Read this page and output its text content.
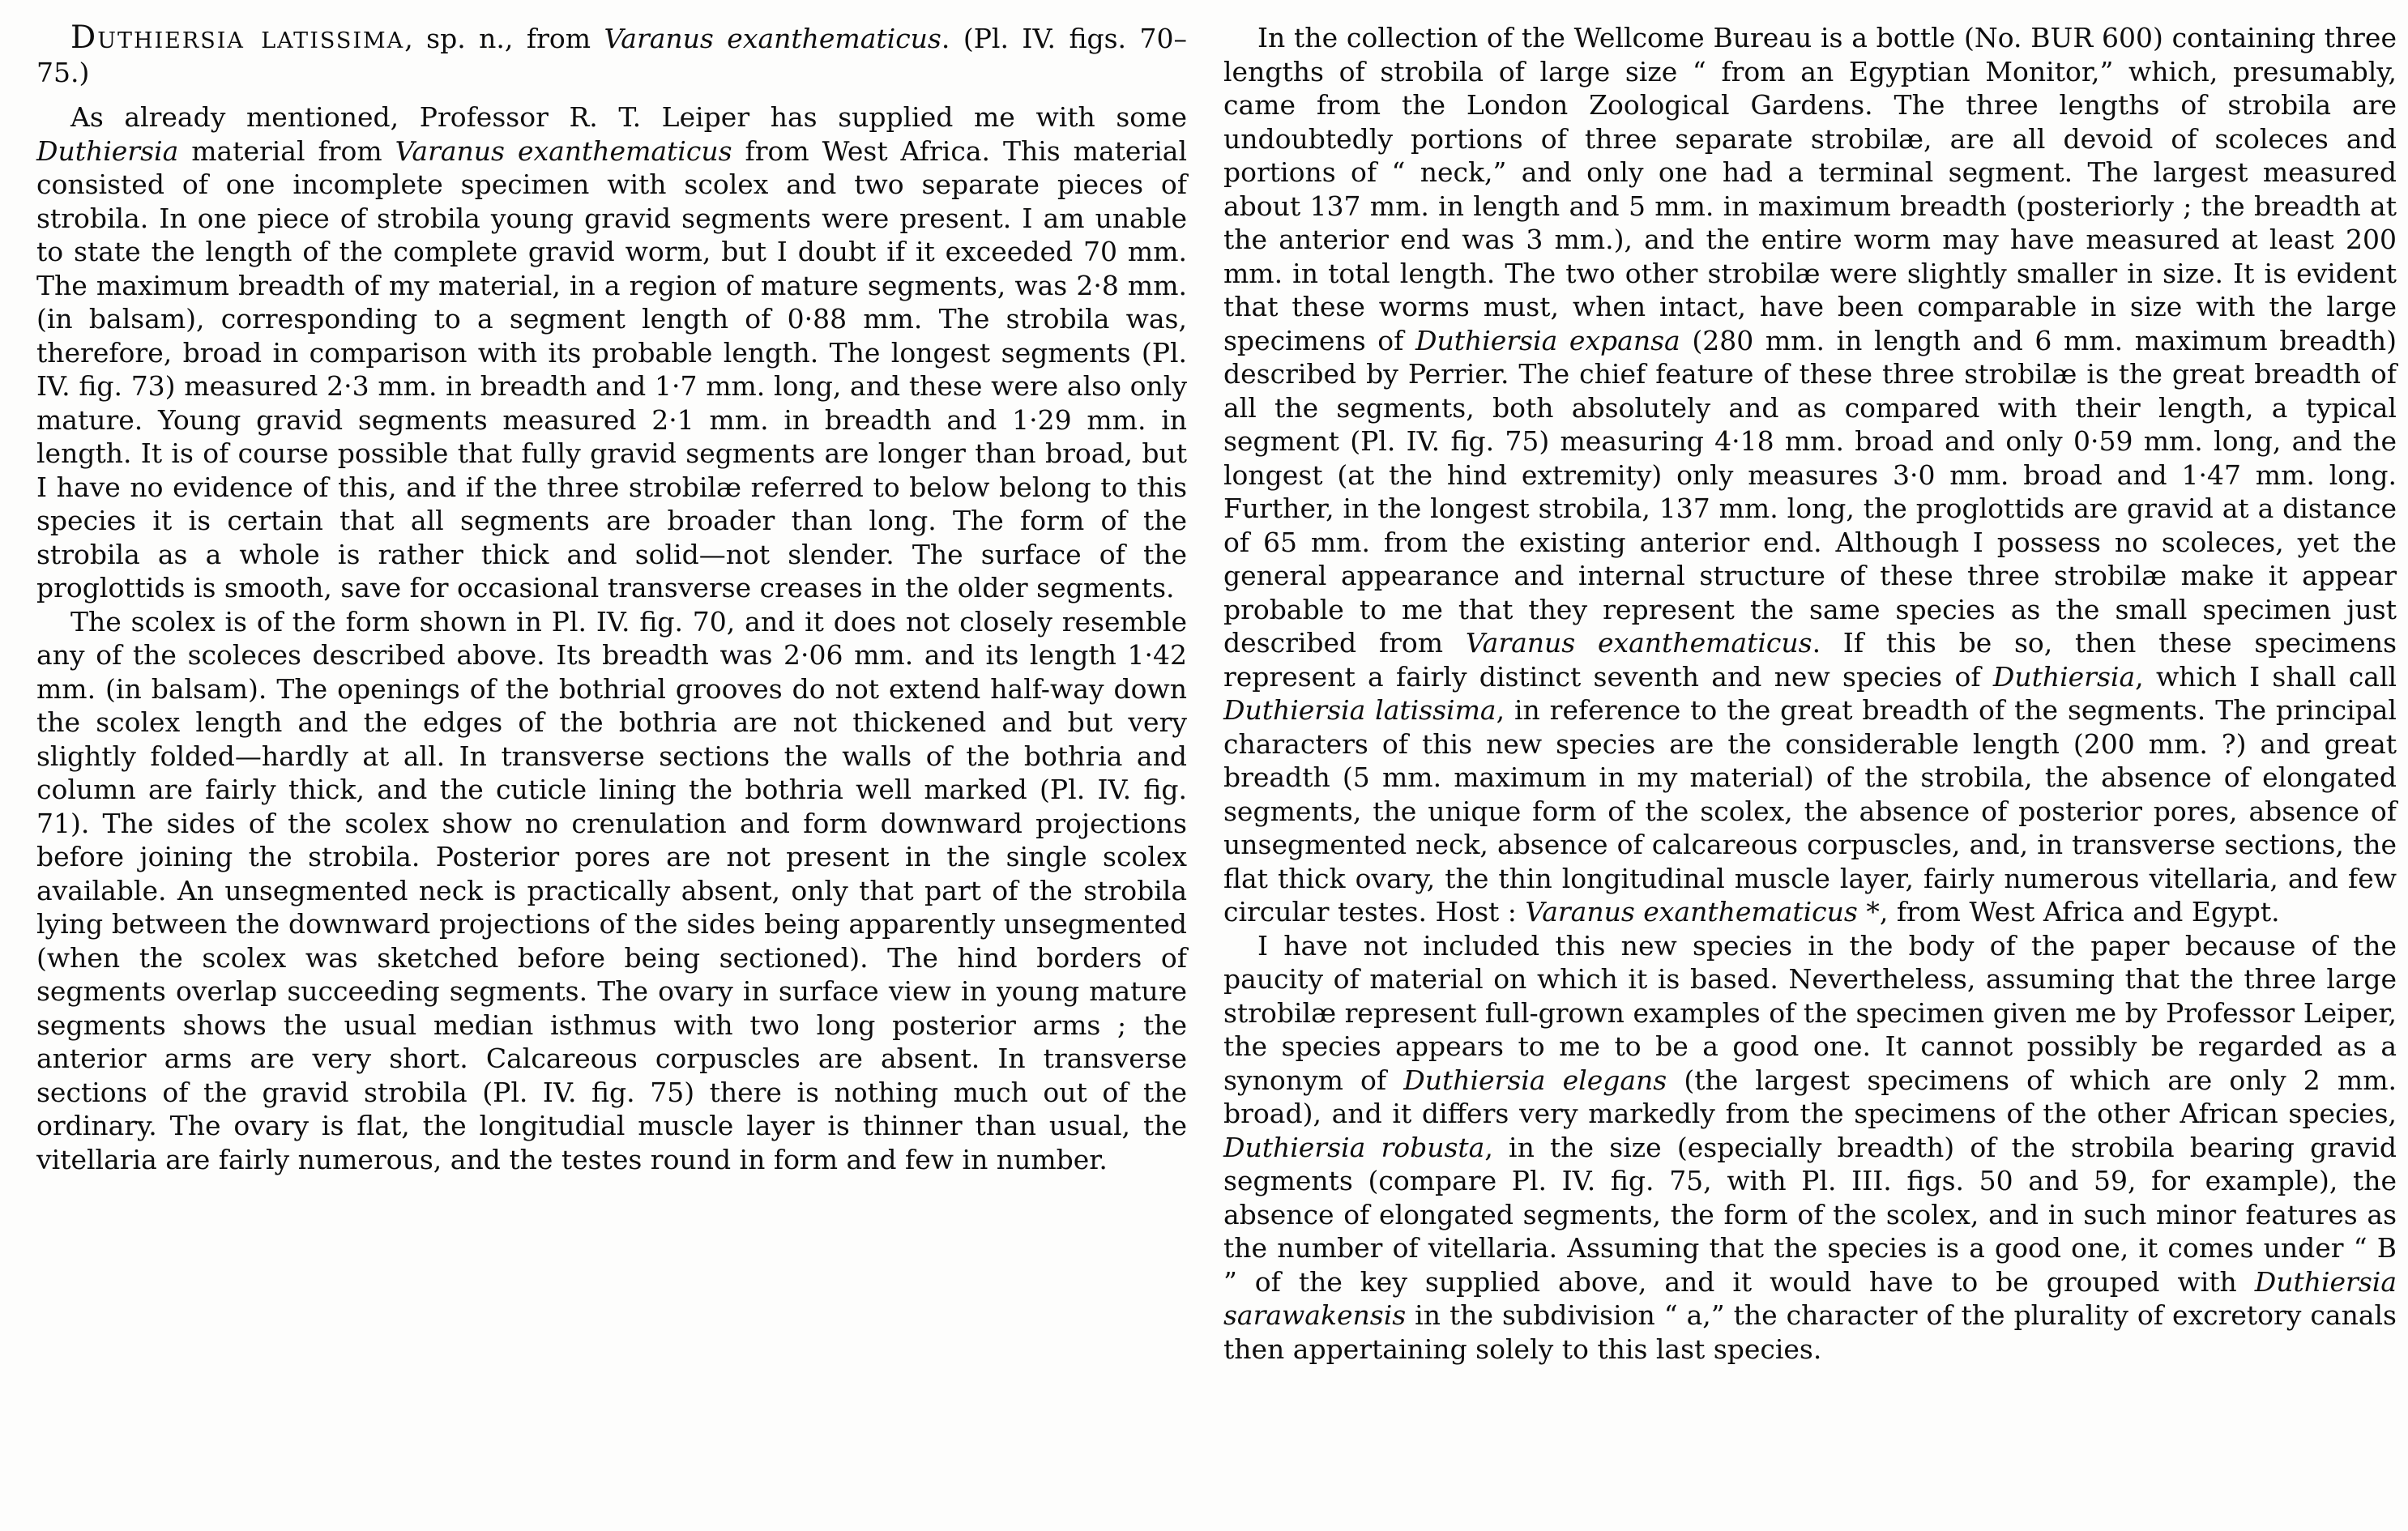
Duthiersia latissima, sp. n., from Varanus exanthematicus. (Pl. IV. figs. 70–75.)

As already mentioned, Professor R. T. Leiper has supplied me with some Duthiersia material from Varanus exanthematicus from West Africa. This material consisted of one incomplete specimen with scolex and two separate pieces of strobila. In one piece of strobila young gravid segments were present. I am unable to state the length of the complete gravid worm, but I doubt if it exceeded 70 mm. The maximum breadth of my material, in a region of mature segments, was 2·8 mm. (in balsam), corresponding to a segment length of 0·88 mm. The strobila was, therefore, broad in comparison with its probable length. The longest segments (Pl. IV. fig. 73) measured 2·3 mm. in breadth and 1·7 mm. long, and these were also only mature. Young gravid segments measured 2·1 mm. in breadth and 1·29 mm. in length. It is of course possible that fully gravid segments are longer than broad, but I have no evidence of this, and if the three strobilæ referred to below belong to this species it is certain that all segments are broader than long. The form of the strobila as a whole is rather thick and solid—not slender. The surface of the proglottids is smooth, save for occasional transverse creases in the older segments.

The scolex is of the form shown in Pl. IV. fig. 70, and it does not closely resemble any of the scoleces described above. Its breadth was 2·06 mm. and its length 1·42 mm. (in balsam). The openings of the bothrial grooves do not extend half-way down the scolex length and the edges of the bothria are not thickened and but very slightly folded—hardly at all. In transverse sections the walls of the bothria and column are fairly thick, and the cuticle lining the bothria well marked (Pl. IV. fig. 71). The sides of the scolex show no crenulation and form downward projections before joining the strobila. Posterior pores are not present in the single scolex available. An unsegmented neck is practically absent, only that part of the strobila lying between the downward projections of the sides being apparently unsegmented (when the scolex was sketched before being sectioned). The hind borders of segments overlap succeeding segments. The ovary in surface view in young mature segments shows the usual median isthmus with two long posterior arms ; the anterior arms are very short. Calcareous corpuscles are absent. In transverse sections of the gravid strobila (Pl. IV. fig. 75) there is nothing much out of the ordinary. The ovary is flat, the longitudial muscle layer is thinner than usual, the vitellaria are fairly numerous, and the testes round in form and few in number.

In the collection of the Wellcome Bureau is a bottle (No. BUR 600) containing three lengths of strobila of large size “ from an Egyptian Monitor,” which, presumably, came from the London Zoological Gardens. The three lengths of strobila are undoubtedly portions of three separate strobilæ, are all devoid of scoleces and portions of “ neck,” and only one had a terminal segment. The largest measured about 137 mm. in length and 5 mm. in maximum breadth (posteriorly ; the breadth at the anterior end was 3 mm.), and the entire worm may have measured at least 200 mm. in total length. The two other strobilæ were slightly smaller in size. It is evident that these worms must, when intact, have been comparable in size with the large specimens of Duthiersia expansa (280 mm. in length and 6 mm. maximum breadth) described by Perrier. The chief feature of these three strobilæ is the great breadth of all the segments, both absolutely and as compared with their length, a typical segment (Pl. IV. fig. 75) measuring 4·18 mm. broad and only 0·59 mm. long, and the longest (at the hind extremity) only measures 3·0 mm. broad and 1·47 mm. long. Further, in the longest strobila, 137 mm. long, the proglottids are gravid at a distance of 65 mm. from the existing anterior end. Although I possess no scoleces, yet the general appearance and internal structure of these three strobilæ make it appear probable to me that they represent the same species as the small specimen just described from Varanus exanthematicus. If this be so, then these specimens represent a fairly distinct seventh and new species of Duthiersia, which I shall call Duthiersia latissima, in reference to the great breadth of the segments. The principal characters of this new species are the considerable length (200 mm. ?) and great breadth (5 mm. maximum in my material) of the strobila, the absence of elongated segments, the unique form of the scolex, the absence of posterior pores, absence of unsegmented neck, absence of calcareous corpuscles, and, in transverse sections, the flat thick ovary, the thin longitudinal muscle layer, fairly numerous vitellaria, and few circular testes. Host : Varanus exanthematicus *, from West Africa and Egypt.

I have not included this new species in the body of the paper because of the paucity of material on which it is based. Nevertheless, assuming that the three large strobilæ represent full-grown examples of the specimen given me by Professor Leiper, the species appears to me to be a good one. It cannot possibly be regarded as a synonym of Duthiersia elegans (the largest specimens of which are only 2 mm. broad), and it differs very markedly from the specimens of the other African species, Duthiersia robusta, in the size (especially breadth) of the strobila bearing gravid segments (compare Pl. IV. fig. 75, with Pl. III. figs. 50 and 59, for example), the absence of elongated segments, the form of the scolex, and in such minor features as the number of vitellaria. Assuming that the species is a good one, it comes under “ B ” of the key supplied above, and it would have to be grouped with Duthiersia sarawakensis in the subdivision “ a,” the character of the plurality of excretory canals then appertaining solely to this last species.
